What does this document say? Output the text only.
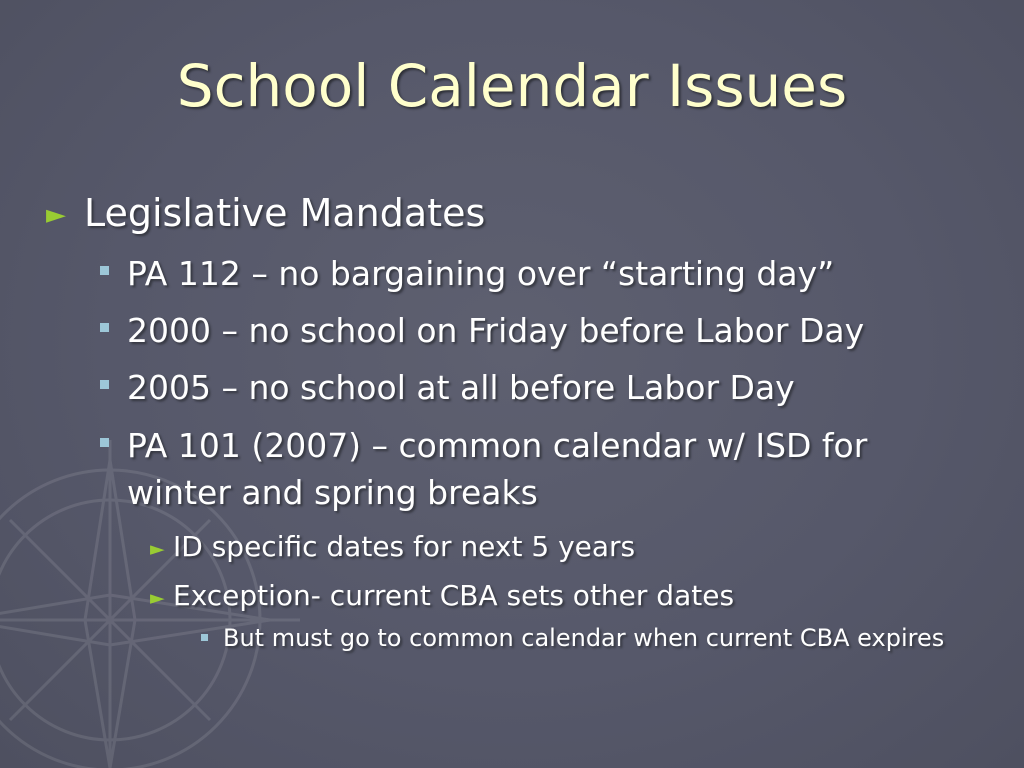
School Calendar Issues
► Legislative Mandates
PA 112 – no bargaining over “starting day”
2000 – no school on Friday before Labor Day
2005 – no school at all before Labor Day
PA 101 (2007) – common calendar w/ ISD for
winter and spring breaks
► ID specific dates for next 5 years
► Exception- current CBA sets other dates
But must go to common calendar when current CBA expires
